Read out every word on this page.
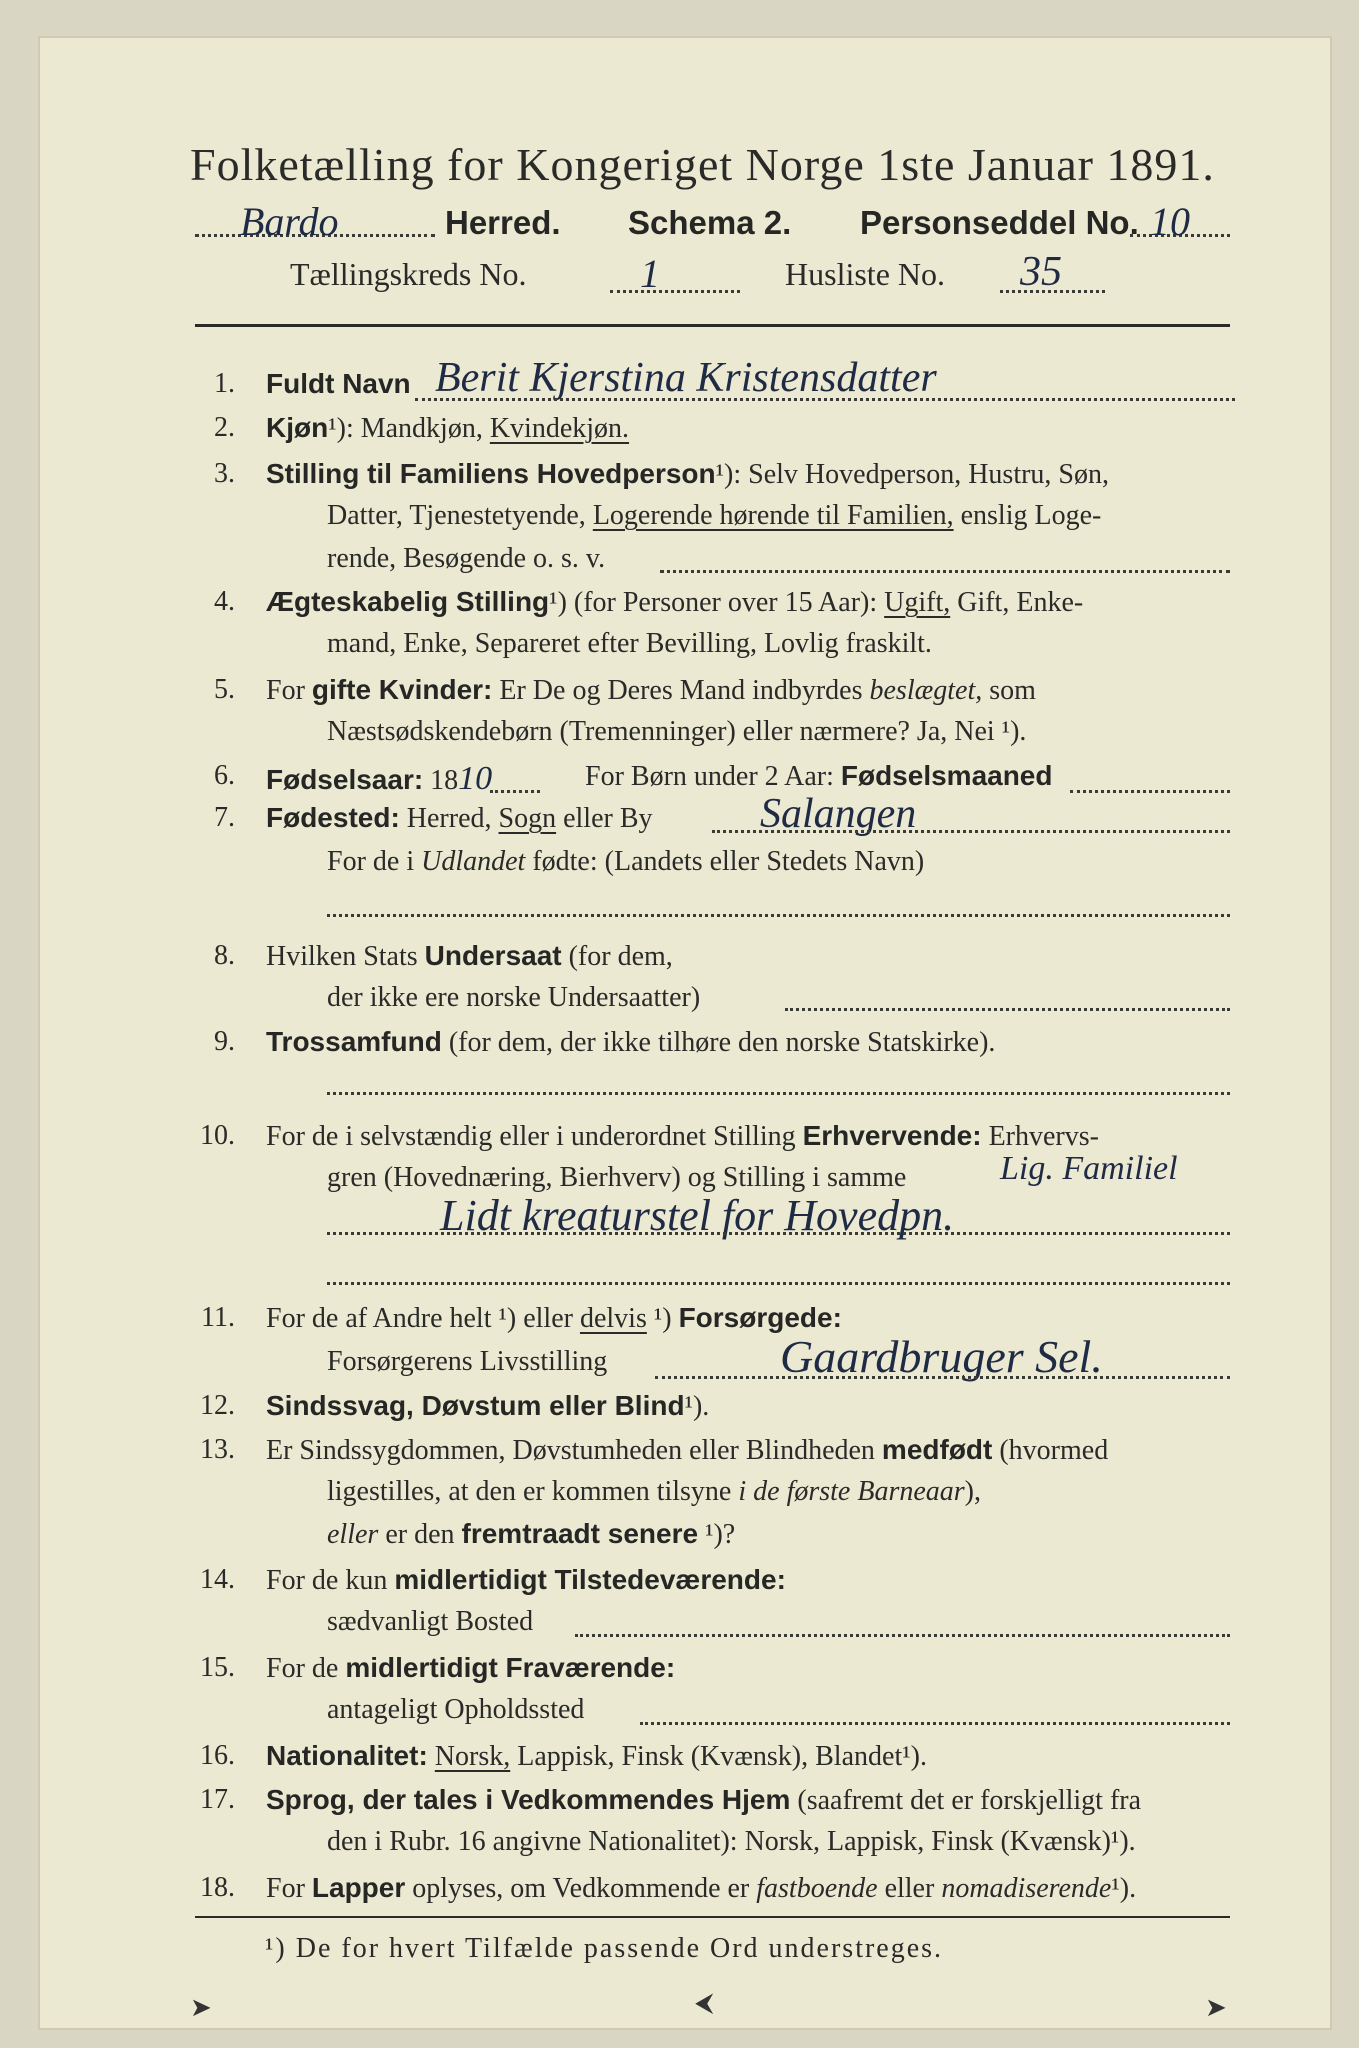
Folketælling for Kongeriget Norge 1ste Januar 1891.
Bardo	Herred. Schema 2. Personseddel No. 10
Tællingskreds No.	1	Husliste No. 35
1. Fuldt Navn Berit Kjerstina Kristensdatter
2. Kjøn¹): Mandkjøn, Kvindekjøn.
3. Stilling til Familiens Hovedperson¹): Selv Hovedperson, Hustru, Søn,
Datter, Tjenestetyende, Logerende hørende til Familien, enslig Loge-
rende, Besøgende o. s. v.
4. Ægteskabelig Stilling¹) (for Personer over 15 Aar): Ugift, Gift, Enke-
mand, Enke, Separeret efter Bevilling, Lovlig fraskilt.
5. For gifte Kvinder: Er De og Deres Mand indbyrdes beslægtet, som
Næstsødskendebørn (Tremenninger) eller nærmere? Ja, Nei ¹).
6. Fødselsaar: 1810	For Børn under 2 Aar: Fødselsmaaned
7. Fødested: Herred, Sogn eller By	Salangen
For de i Udlandet fødte: (Landets eller Stedets Navn)
8. Hvilken Stats Undersaat (for dem,
der ikke ere norske Undersaatter)
9. Trossamfund (for dem, der ikke tilhøre den norske Statskirke).
10. For de i selvstændig eller i underordnet Stilling Erhvervende: Erhvervs-
gren (Hovednæring, Bierhverv) og Stilling i samme	Lig. Familiel
Lidt kreaturstel for Hovedpn.
11. For de af Andre helt ¹) eller delvis ¹) Forsørgede:
Forsørgerens Livsstilling	Gaardbruger Sel.
12. Sindssvag, Døvstum eller Blind¹).
13. Er Sindssygdommen, Døvstumheden eller Blindheden medfødt (hvormed
ligestilles, at den er kommen tilsyne i de første Barneaar),
eller er den fremtraadt senere ¹)?
14. For de kun midlertidigt Tilstedeværende:
sædvanligt Bosted
15. For de midlertidigt Fraværende:
antageligt Opholdssted
16. Nationalitet: Norsk, Lappisk, Finsk (Kvænsk), Blandet¹).
17. Sprog, der tales i Vedkommendes Hjem (saafremt det er forskjelligt fra
den i Rubr. 16 angivne Nationalitet): Norsk, Lappisk, Finsk (Kvænsk)¹).
18. For Lapper oplyses, om Vedkommende er fastboende eller nomadiserende¹).
¹) De for hvert Tilfælde passende Ord understreges.
➤	⮜	➤
